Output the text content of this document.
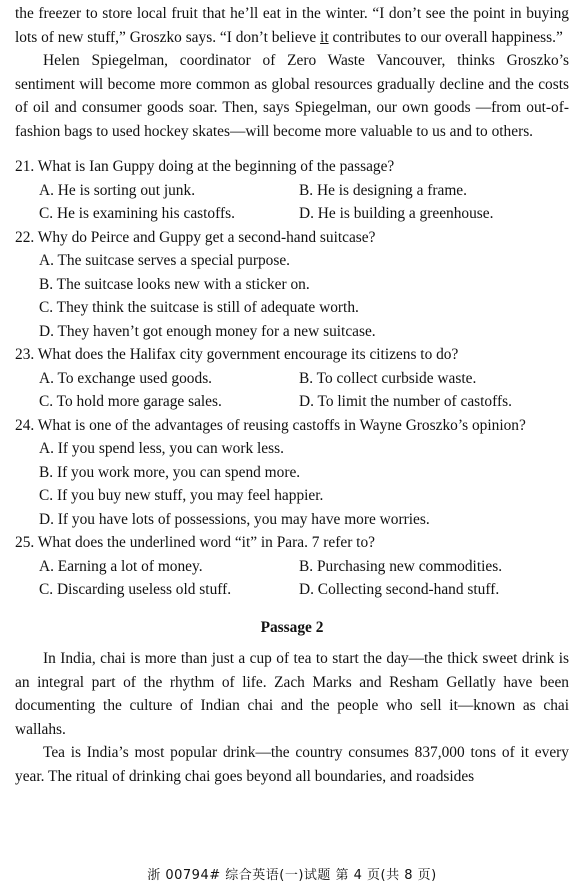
the freezer to store local fruit that he’ll eat in the winter. “I don’t see the point in buying lots of new stuff,” Groszko says. “I don’t believe it contributes to our overall happiness.”

Helen Spiegelman, coordinator of Zero Waste Vancouver, thinks Groszko’s sentiment will become more common as global resources gradually decline and the costs of oil and consumer goods soar. Then, says Spiegelman, our own goods —from out-of-fashion bags to used hockey skates—will become more valuable to us and to others.

21. What is Ian Guppy doing at the beginning of the passage?

A. He is sorting out junk.	B. He is designing a frame.
C. He is examining his castoffs.	D. He is building a greenhouse.

22. Why do Peirce and Guppy get a second-hand suitcase?

A. The suitcase serves a special purpose.
B. The suitcase looks new with a sticker on.
C. They think the suitcase is still of adequate worth.
D. They haven’t got enough money for a new suitcase.

23. What does the Halifax city government encourage its citizens to do?

A. To exchange used goods.	B. To collect curbside waste.
C. To hold more garage sales.	D. To limit the number of castoffs.

24. What is one of the advantages of reusing castoffs in Wayne Groszko’s opinion?

A. If you spend less, you can work less.
B. If you work more, you can spend more.
C. If you buy new stuff, you may feel happier.
D. If you have lots of possessions, you may have more worries.

25. What does the underlined word “it” in Para. 7 refer to?

A. Earning a lot of money.	B. Purchasing new commodities.
C. Discarding useless old stuff.	D. Collecting second-hand stuff.
Passage 2

In India, chai is more than just a cup of tea to start the day—the thick sweet drink is an integral part of the rhythm of life. Zach Marks and Resham Gellatly have been documenting the culture of Indian chai and the people who sell it—known as chai wallahs.

Tea is India’s most popular drink—the country consumes 837,000 tons of it every year. The ritual of drinking chai goes beyond all boundaries, and roadsides

浙 00794# 综合英语(一)试题 第 4 页(共 8 页)
